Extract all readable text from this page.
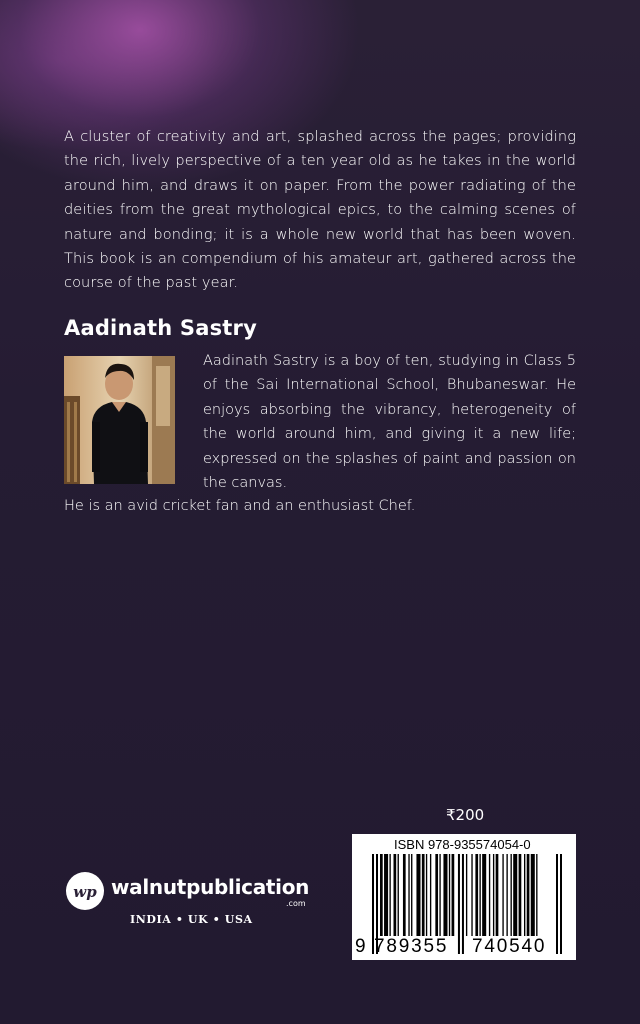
A cluster of creativity and art, splashed across the pages; providing the rich, lively perspective of a ten year old as he takes in the world around him, and draws it on paper. From the power radiating of the deities from the great mythological epics, to the calming scenes of nature and bonding; it is a whole new world that has been woven. This book is an compendium of his amateur art, gathered across the course of the past year.
Aadinath Sastry
Aadinath Sastry is a boy of ten, studying in Class 5 of the Sai International School, Bhubaneswar. He enjoys absorbing the vibrancy, heterogeneity of the world around him, and giving it a new life; expressed on the splashes of paint and passion on the canvas.
He is an avid cricket fan and an enthusiast Chef.
₹200
ISBN 978-935574054-0
9 789355 740540
wp walnutpublication
.com
INDIA • UK • USA
